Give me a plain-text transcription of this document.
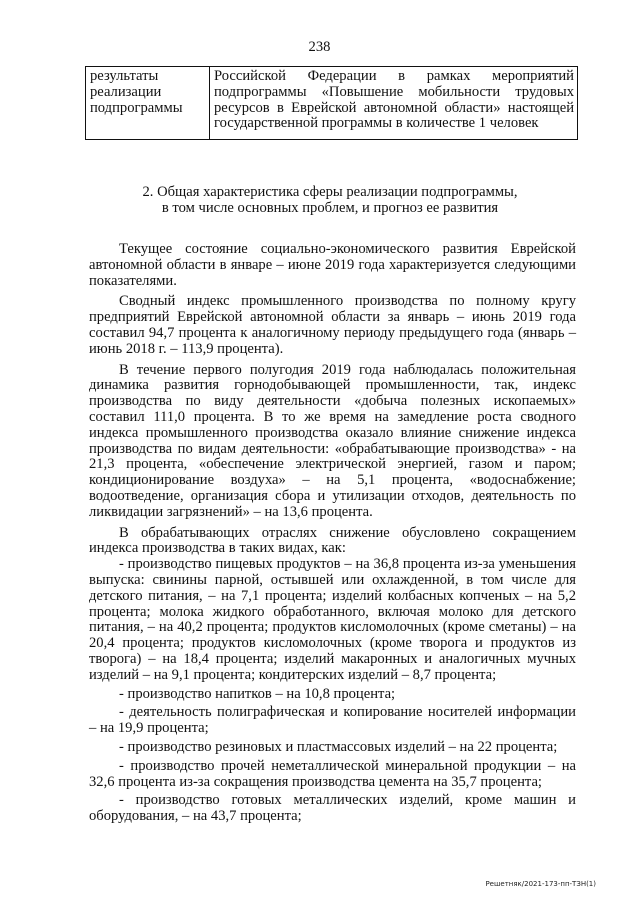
238
результаты реализации подпрограммы	Российской Федерации в рамках мероприятий подпрограммы «Повышение мобильности трудовых ресурсов в Еврейской автономной области» настоящей государственной программы в количестве 1 человек
2. Общая характеристика сферы реализации подпрограммы,
в том числе основных проблем, и прогноз ее развития

Текущее состояние социально-экономического развития Еврейской автономной области в январе – июне 2019 года характеризуется следующими показателями.

Сводный индекс промышленного производства по полному кругу предприятий Еврейской автономной области за январь – июнь 2019 года составил 94,7 процента к аналогичному периоду предыдущего года (январь – июнь 2018 г. – 113,9 процента).

В течение первого полугодия 2019 года наблюдалась положительная динамика развития горнодобывающей промышленности, так, индекс производства по виду деятельности «добыча полезных ископаемых» составил 111,0 процента. В то же время на замедление роста сводного индекса промышленного производства оказало влияние снижение индекса производства по видам деятельности: «обрабатывающие производства» - на 21,3 процента, «обеспечение электрической энергией, газом и паром; кондиционирование воздуха» – на 5,1 процента, «водоснабжение; водоотведение, организация сбора и утилизации отходов, деятельность по ликвидации загрязнений» – на 13,6 процента.

В обрабатывающих отраслях снижение обусловлено сокращением индекса производства в таких видах, как:

- производство пищевых продуктов – на 36,8 процента из-за уменьшения выпуска: свинины парной, остывшей или охлажденной, в том числе для детского питания, – на 7,1 процента; изделий колбасных копченых – на 5,2 процента; молока жидкого обработанного, включая молоко для детского питания, – на 40,2 процента; продуктов кисломолочных (кроме сметаны) – на 20,4 процента; продуктов кисломолочных (кроме творога и продуктов из творога) – на 18,4 процента; изделий макаронных и аналогичных мучных изделий – на 9,1 процента; кондитерских изделий – 8,7 процента;

- производство напитков – на 10,8 процента;

- деятельность полиграфическая и копирование носителей информации – на 19,9 процента;

- производство резиновых и пластмассовых изделий – на 22 процента;

- производство прочей неметаллической минеральной продукции – на 32,6 процента из-за сокращения производства цемента на 35,7 процента;

- производство готовых металлических изделий, кроме машин и оборудования, – на 43,7 процента;

Решетняк/2021-173-пп-ТЗН(1)
